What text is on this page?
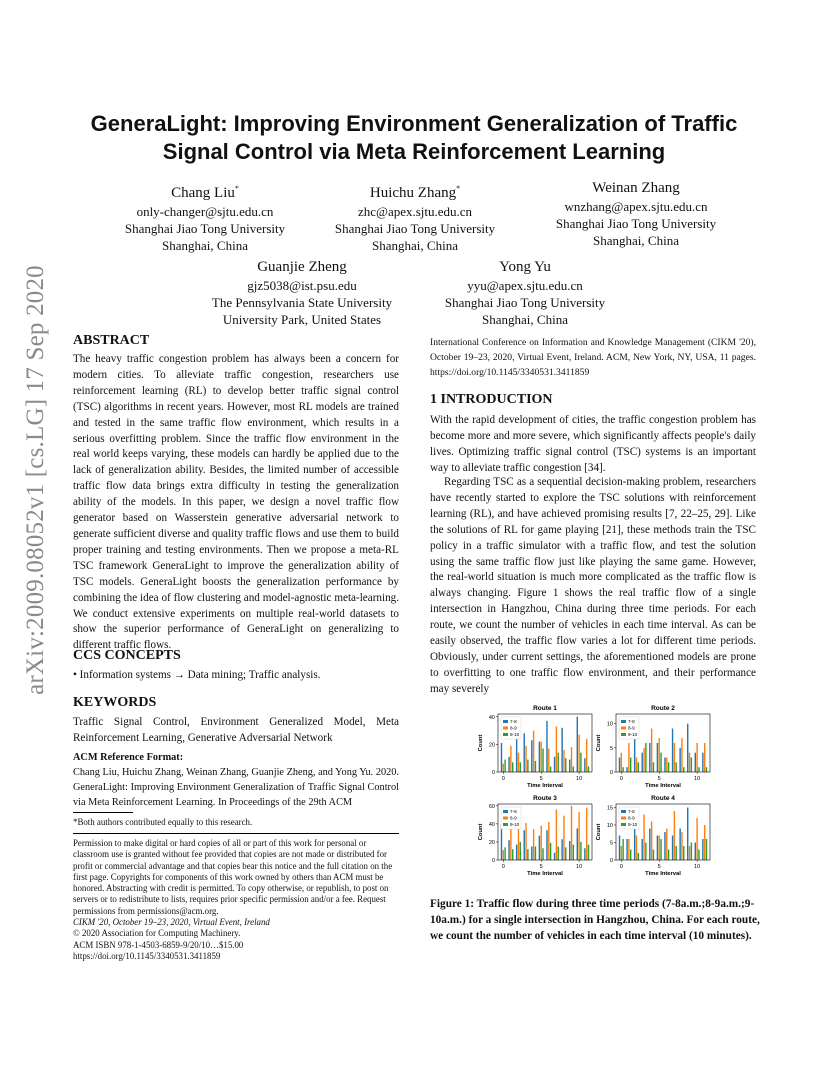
arXiv:2009.08052v1 [cs.LG] 17 Sep 2020
GeneraLight: Improving Environment Generalization of Traffic
Signal Control via Meta Reinforcement Learning
Chang Liu*
only-changer@sjtu.edu.cn
Shanghai Jiao Tong University
Shanghai, China
Huichu Zhang*
zhc@apex.sjtu.edu.cn
Shanghai Jiao Tong University
Shanghai, China
Weinan Zhang
wnzhang@apex.sjtu.edu.cn
Shanghai Jiao Tong University
Shanghai, China
Guanjie Zheng
gjz5038@ist.psu.edu
The Pennsylvania State University
University Park, United States
Yong Yu
yyu@apex.sjtu.edu.cn
Shanghai Jiao Tong University
Shanghai, China
ABSTRACT
The heavy traffic congestion problem has always been a concern for modern cities. To alleviate traffic congestion, researchers use reinforcement learning (RL) to develop better traffic signal control (TSC) algorithms in recent years. However, most RL models are trained and tested in the same traffic flow environment, which results in a serious overfitting problem. Since the traffic flow environment in the real world keeps varying, these models can hardly be applied due to the lack of generalization ability. Besides, the limited number of accessible traffic flow data brings extra difficulty in testing the generalization ability of the models. In this paper, we design a novel traffic flow generator based on Wasserstein generative adversarial network to generate sufficient diverse and quality traffic flows and use them to build proper training and testing environments. Then we propose a meta-RL TSC framework GeneraLight to improve the generalization ability of TSC models. GeneraLight boosts the generalization performance by combining the idea of flow clustering and model-agnostic meta-learning. We conduct extensive experiments on multiple real-world datasets to show the superior performance of GeneraLight on generalizing to different traffic flows.
CCS CONCEPTS
• Information systems → Data mining; Traffic analysis.
KEYWORDS
Traffic Signal Control, Environment Generalized Model, Meta Reinforcement Learning, Generative Adversarial Network
ACM Reference Format:
Chang Liu, Huichu Zhang, Weinan Zhang, Guanjie Zheng, and Yong Yu. 2020. GeneraLight: Improving Environment Generalization of Traffic Signal Control via Meta Reinforcement Learning. In Proceedings of the 29th ACM
*Both authors contributed equally to this research.
Permission to make digital or hard copies of all or part of this work for personal or classroom use is granted without fee provided that copies are not made or distributed for profit or commercial advantage and that copies bear this notice and the full citation on the first page. Copyrights for components of this work owned by others than ACM must be honored. Abstracting with credit is permitted. To copy otherwise, or republish, to post on servers or to redistribute to lists, requires prior specific permission and/or a fee. Request permissions from permissions@acm.org.
CIKM '20, October 19–23, 2020, Virtual Event, Ireland
© 2020 Association for Computing Machinery.
ACM ISBN 978-1-4503-6859-9/20/10…$15.00
https://doi.org/10.1145/3340531.3411859
International Conference on Information and Knowledge Management (CIKM '20), October 19–23, 2020, Virtual Event, Ireland. ACM, New York, NY, USA, 11 pages. https://doi.org/10.1145/3340531.3411859
1 INTRODUCTION
With the rapid development of cities, the traffic congestion problem has become more and more severe, which significantly affects people's daily lives. Optimizing traffic signal control (TSC) systems is an important way to alleviate traffic congestion [34].
Regarding TSC as a sequential decision-making problem, researchers have recently started to explore the TSC solutions with reinforcement learning (RL), and have achieved promising results [7, 22–25, 29]. Like the solutions of RL for game playing [21], these methods train the TSC policy in a traffic simulator with a traffic flow, and test the solution using the same traffic flow just like playing the same game. However, the real-world situation is much more complicated as the traffic flow is always changing. Figure 1 shows the real traffic flow of a single intersection in Hangzhou, China during three time periods. For each route, we count the number of vehicles in each time interval. As can be easily observed, the traffic flow varies a lot for different time periods. Obviously, under current settings, the aforementioned models are prone to overfitting to one traffic flow environment, and their performance may severely
Route 1
0
20
40
0	5	10
Time Interval
Count
7-8
8-9
9-10
Route 2
0
5
10
0	5	10
Time Interval
Count
7-8
8-9
9-10
Route 3
0
20
40
60
0	5	10
Time Interval
Count
7-8
8-9
9-10
Route 4
0
5
10
15
0	5	10
Time Interval
Count
7-8
8-9
9-10
Figure 1: Traffic flow during three time periods (7-8a.m.;8-9a.m.;9-10a.m.) for a single intersection in Hangzhou, China. For each route, we count the number of vehicles in each time interval (10 minutes).
